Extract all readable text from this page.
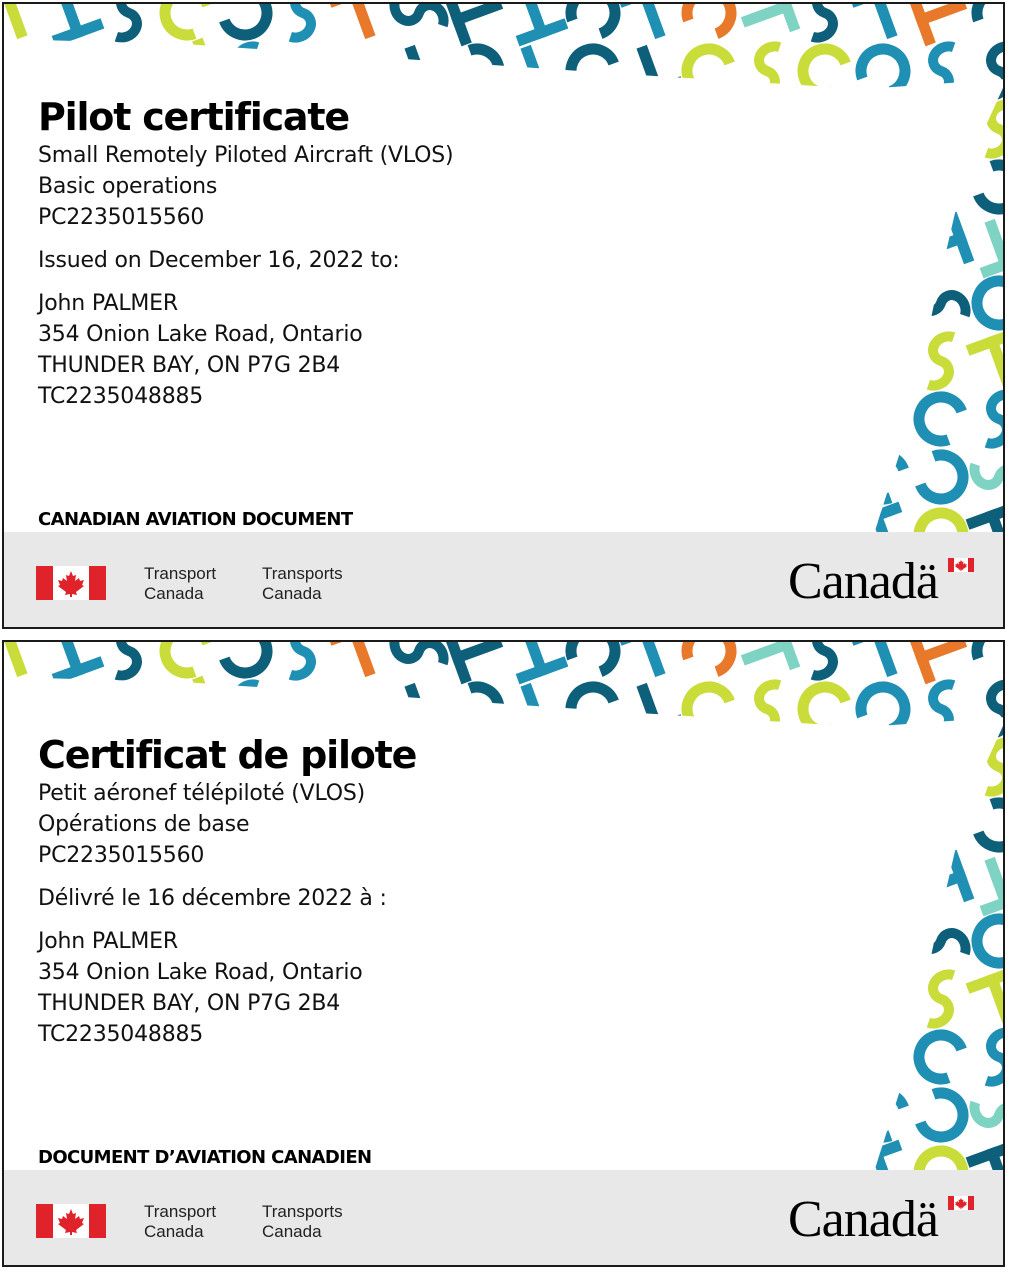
Pilot certificate
Small Remotely Piloted Aircraft (VLOS)
Basic operations
PC2235015560
Issued on December 16, 2022 to:
John PALMER
354 Onion Lake Road, Ontario
THUNDER BAY, ON P7G 2B4
TC2235048885
CANADIAN AVIATION DOCUMENT
Transport
Canada
Transports
Canada	Canadä
Certificat de pilote
Petit aéronef télépiloté (VLOS)
Opérations de base
PC2235015560
Délivré le 16 décembre 2022 à :
John PALMER
354 Onion Lake Road, Ontario
THUNDER BAY, ON P7G 2B4
TC2235048885
DOCUMENT D’AVIATION CANADIEN
Transport
Canada
Transports
Canada	Canadä
